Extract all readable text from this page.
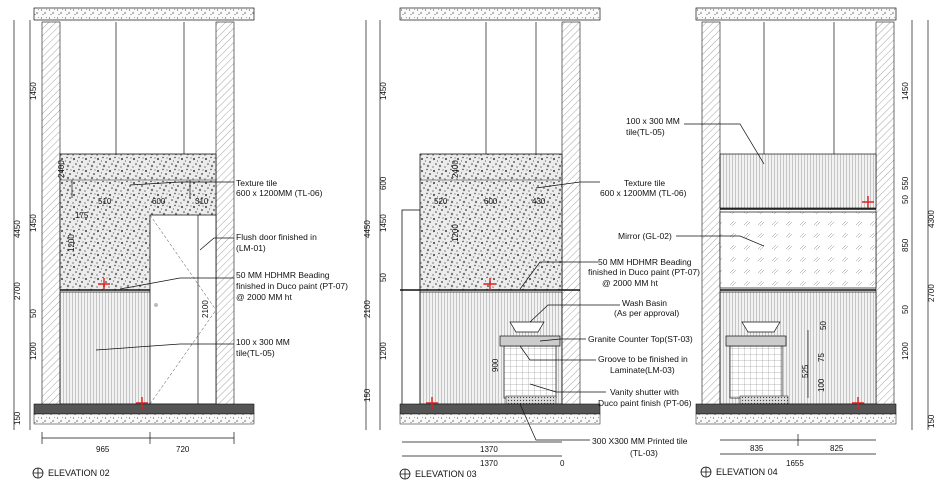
510	600	310
175
1200
2400
1450
4450 1450
2700
50
1200
150
2100
965	720
Texture tile
600 x 1200MM (TL-06)
Flush door finished in
(LM-01)
50 MM HDHMR Beading
finished in Duco paint (PT-07)
@ 2000 MM ht
100 x 300 MM
tile(TL-05)
ELEVATION 02
520	600	430
2400
1200
900
1450
600
4450 1450
50
2100
1200
150
1370
1370	0
Texture tile
600 x 1200MM (TL-06)
50 MM HDHMR Beading
finished in Duco paint (PT-07)
@ 2000 MM ht
Wash Basin
(As per approval)
Granite Counter Top(ST-03)
Groove to be finished in
Laminate(LM-03)
Vanity shutter with
Duco paint finish (PT-06)
300 X300 MM Printed tile
(TL-03)
ELEVATION 03
50
75
525
100
1450
550
50
4300
850
2700
50
1200
150
835	825
1655
100 x 300 MM
tile(TL-05)
Mirror (GL-02)
ELEVATION 04
